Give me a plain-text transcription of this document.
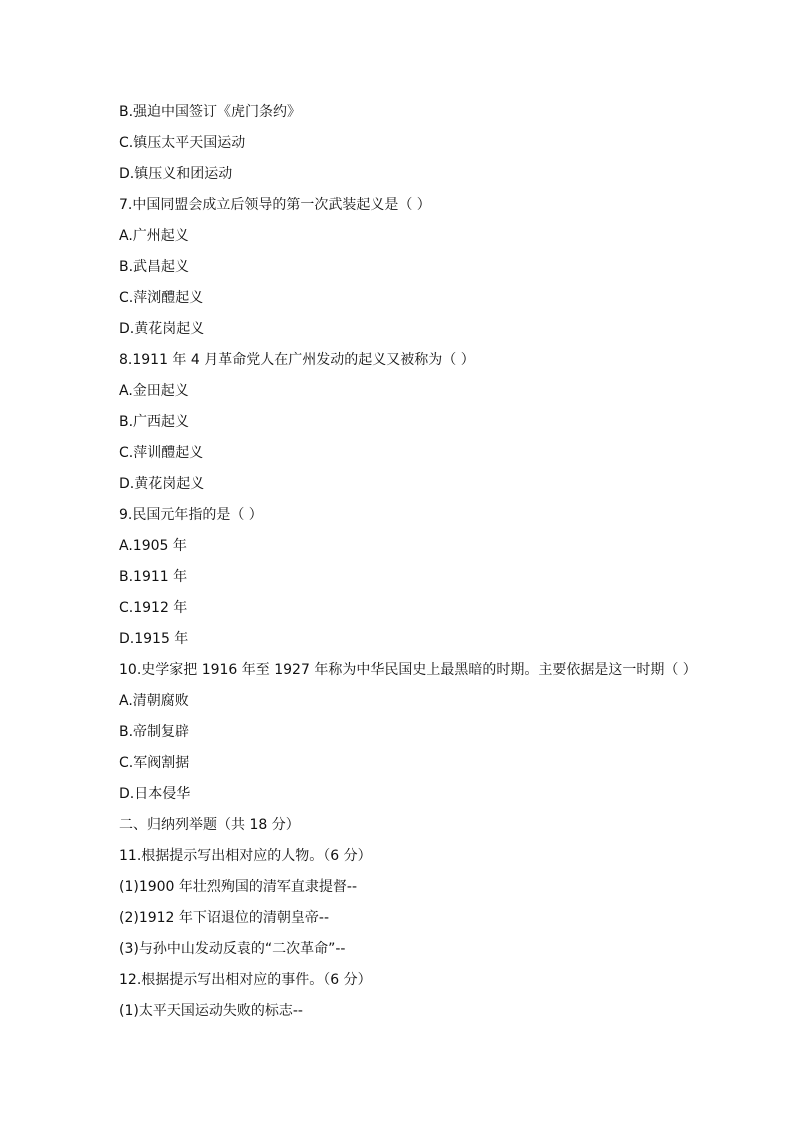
B.强迫中国签订《虎门条约》
C.镇压太平天国运动
D.镇压义和团运动
7.中国同盟会成立后领导的第一次武装起义是（ ）
A.广州起义
B.武昌起义
C.萍浏醴起义
D.黄花岗起义
8.1911 年 4 月革命党人在广州发动的起义又被称为（ ）
A.金田起义
B.广西起义
C.萍训醴起义
D.黄花岗起义
9.民国元年指的是（ ）
A.1905 年
B.1911 年
C.1912 年
D.1915 年
10.史学家把 1916 年至 1927 年称为中华民国史上最黑暗的时期。主要依据是这一时期（ ）
A.清朝腐败
B.帝制复辟
C.军阀割据
D.日本侵华
二、归纳列举题（共 18 分）
11.根据提示写出相对应的人物。（6 分）
(1)1900 年壮烈殉国的清军直隶提督--
(2)1912 年下诏退位的清朝皇帝--
(3)与孙中山发动反袁的“二次革命”--
12.根据提示写出相对应的事件。（6 分）
(1)太平天国运动失败的标志--
